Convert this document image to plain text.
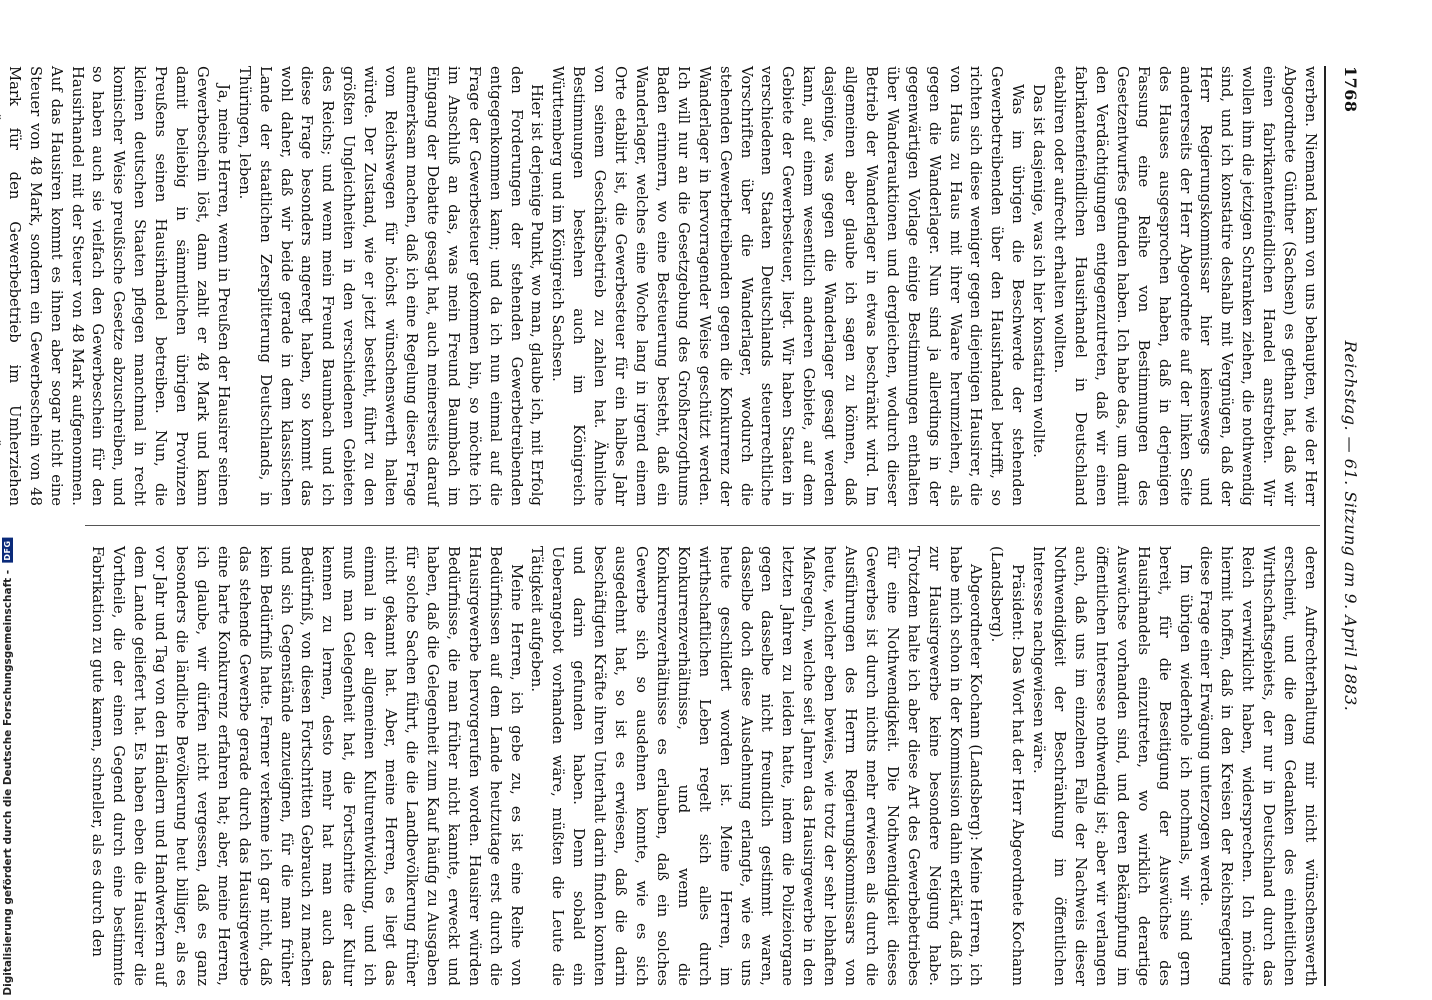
1768
Reichstag. — 61. Sitzung am 9. April 1883.

werben. Niemand kann von uns behaupten, wie der Herr Abgeordnete Günther (Sachsen) es gethan hat, daß wir einen fabrikantenfeindlichen Handel anstrebten. Wir wollen ihm die jetzigen Schranken ziehen, die nothwendig sind, und ich konstatire deshalb mit Vergnügen, daß der Herr Regierungskommissar hier keineswegs und andererseits der Herr Abgeordnete auf der linken Seite des Hauses ausgesprochen haben, daß in derjenigen Fassung eine Reihe von Bestimmungen des Gesetzentwurfes gefunden haben. Ich habe das, um damit den Verdächtigungen entgegenzutreten, daß wir einen fabrikantenfeindlichen Hausirhandel in Deutschland etabliren oder aufrecht erhalten wollten.

Das ist dasjenige, was ich hier konstatiren wollte.

Was im übrigen die Beschwerde der stehenden Gewerbetreibenden über den Hausirhandel betrifft, so richten sich diese weniger gegen diejenigen Hausirer, die von Haus zu Haus mit ihrer Waare herumziehen, als gegen die Wanderlager. Nun sind ja allerdings in der gegenwärtigen Vorlage einige Bestimmungen enthalten über Wanderauktionen und dergleichen, wodurch dieser Betrieb der Wanderlager in etwas beschränkt wird. Im allgemeinen aber glaube ich sagen zu können, daß dasjenige, was gegen die Wanderlager gesagt werden kann, auf einem wesentlich anderen Gebiete, auf dem Gebiete der Gewerbesteuer, liegt. Wir haben Staaten in verschiedenen Staaten Deutschlands steuerrechtliche Vorschriften über die Wanderlager, wodurch die stehenden Gewerbetreibenden gegen die Konkurrenz der Wanderlager in hervorragender Weise geschützt werden. Ich will nur an die Gesetzgebung des Großherzogthums Baden erinnern, wo eine Besteuerung besteht, daß ein Wanderlager, welches eine Woche lang in irgend einem Orte etablirt ist, die Gewerbesteuer für ein halbes Jahr von seinem Geschäftsbetrieb zu zahlen hat. Ähnliche Bestimmungen bestehen auch im Königreich Württemberg und im Königreich Sachsen.

Hier ist derjenige Punkt, wo man, glaube ich, mit Erfolg den Forderungen der stehenden Gewerbetreibenden entgegenkommen kann; und da ich nun einmal auf die Frage der Gewerbesteuer gekommen bin, so möchte ich im Anschluß an das, was mein Freund Baumbach im Eingang der Debatte gesagt hat, auch meinerseits darauf aufmerksam machen, daß ich eine Regelung dieser Frage vom Reichswegen für höchst wünschenswerth halten würde. Der Zustand, wie er jetzt besteht, führt zu den größten Ungleichheiten in den verschiedenen Gebieten des Reichs; und wenn mein Freund Baumbach und ich diese Frage besonders angeregt haben, so kommt das wohl daher, daß wir beide gerade in dem klassischen Lande der staatlichen Zersplitterung Deutschlands, in Thüringen, leben.

Ja, meine Herren, wenn in Preußen der Hausirer seinen Gewerbeschein löst, dann zahlt er 48 Mark und kann damit beliebig in sämmtlichen übrigen Provinzen Preußens seinen Hausirhandel betreiben. Nun, die kleinen deutschen Staaten pflegen manchmal in recht komischer Weise preußische Gesetze abzuschreiben, und so haben auch sie vielfach den Gewerbeschein für den Hausirhandel mit der Steuer von 48 Mark aufgenommen. Auf das Hausiren kommt es ihnen aber sogar nicht eine Steuer von 48 Mark, sondern ein Gewerbeschein von 48 Mark für den Gewerbebetrieb im Umherziehen

deren Aufrechterhaltung mir nicht wünschenswerth erscheint, und die dem Gedanken des einheitlichen Wirthschaftsgebiets, der nur in Deutschland durch das Reich verwirklicht haben, widersprechen. Ich möchte hiermit hoffen, daß in den Kreisen der Reichsregierung diese Frage einer Erwägung unterzogen werde.

Im übrigen wiederhole ich nochmals, wir sind gern bereit, für die Beseitigung der Auswüchse des Hausirhandels einzutreten, wo wirklich derartige Auswüchse vorhanden sind, und deren Bekämpfung im öffentlichen Interesse nothwendig ist; aber wir verlangen auch, daß uns im einzelnen Falle der Nachweis dieser Nothwendigkeit der Beschränkung im öffentlichen Interesse nachgewiesen wäre.

Präsident: Das Wort hat der Herr Abgeordnete Kochann (Landsberg).

Abgeordneter Kochann (Landsberg): Meine Herren, ich habe mich schon in der Kommission dahin erklärt, daß ich zur Hausirgewerbe keine besondere Neigung habe. Trotzdem halte ich aber diese Art des Gewerbebetriebes für eine Nothwendigkeit. Die Nothwendigkeit dieses Gewerbes ist durch nichts mehr erwiesen als durch die Ausführungen des Herrn Regierungskommissars von heute, welcher eben bewies, wie trotz der sehr lebhaften Maßregeln, welche seit Jahren das Hausirgewerbe in den letzten Jahren zu leiden hatte, indem die Polizeiorgane gegen dasselbe nicht freundlich gestimmt waren, dasselbe doch diese Ausdehnung erlangte, wie es uns heute geschildert worden ist. Meine Herren, im wirthschaftlichen Leben regelt sich alles durch Konkurrenzverhältnisse, und wenn die Konkurrenzverhältnisse es erlauben, daß ein solches Gewerbe sich so ausdehnen konnte, wie es sich ausgedehnt hat, so ist es erwiesen, daß die darin beschäftigten Kräfte ihren Unterhalt darin finden konnten und darin gefunden haben. Denn sobald ein Ueberangebot vorhanden wäre, müßten die Leute die Tätigkeit aufgeben.

Meine Herren, ich gebe zu, es ist eine Reihe von Bedürfnissen auf dem Lande heutzutage erst durch die Hausirgewerbe hervorgerufen worden. Hausirer würden Bedürfnisse, die man früher nicht kannte, erweckt und haben, daß die Gelegenheit zum Kauf häufig zu Ausgaben für solche Sachen führt, die die Landbevölkerung früher nicht gekannt hat. Aber, meine Herren, es liegt das einmal in der allgemeinen Kulturentwicklung, und ich muß man Gelegenheit hat, die Fortschritte der Kultur kennen zu lernen, desto mehr hat man auch das Bedürfniß, von diesen Fortschritten Gebrauch zu machen und sich Gegenstände anzueignen, für die man früher kein Bedürfniß hatte. Ferner verkenne ich gar nicht, daß das stehende Gewerbe gerade durch das Hausirgewerbe eine harte Konkurrenz erfahren hat; aber, meine Herren, ich glaube, wir dürfen nicht vergessen, daß es ganz besonders die ländliche Bevölkerung heut billiger, als es vor Jahr und Tag von den Händlern und Handwerkern auf dem Lande geliefert hat. Es haben eben die Hausirer die Vortheile, die der einen Gegend durch eine bestimmte Fabrikation zu gute kamen, schneller, als es durch den

Digitalisierung gefördert durch die Deutsche Forschungsgemeinschaft - DFG
